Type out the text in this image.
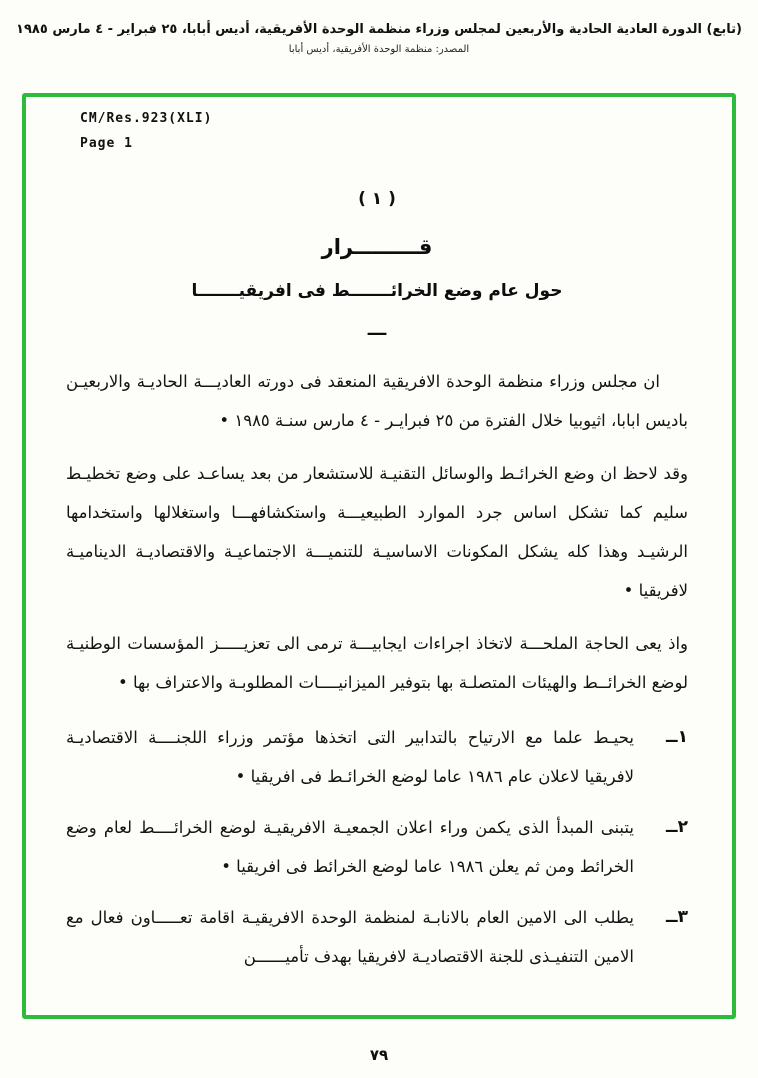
(تابع) الدورة العادية الحادية والأربعين لمجلس وزراء منظمة الوحدة الأفريقية، أديس أبابا، ٢٥ فبراير - ٤ مارس ١٩٨٥
المصدر: منظمة الوحدة الأفريقية، أديس أبابا
CM/Res.923(XLI)
Page 1
( ١ )
قـــــــــرار
حول عام وضع الخرائـــــــط فى افريقيـــــــا
ـــ

ان مجلس وزراء منظمة الوحدة الافريقية المنعقد فى دورته العاديـــة الحاديـة والاربعيـن باديس ابابا، اثيوبيا خلال الفترة من ٢٥ فبرايـر - ٤ مارس سنـة ١٩٨٥ •

وقد لاحظ ان وضع الخرائـط والوسائل التقنيـة للاستشعار من بعد يساعـد على وضع تخطيـط سليم كما تشكل اساس جرد الموارد الطبيعيـــة واستكشافهـــا واستغلالها واستخدامها الرشيـد وهذا كله يشكل المكونات الاساسيـة للتنميـــة الاجتماعيـة والاقتصاديـة الديناميـة لافريقيا •

واذ يعى الحاجة الملحـــة لاتخاذ اجراءات ايجابيـــة ترمى الى تعزيـــــز المؤسسات الوطنيـة لوضع الخرائــط والهيئات المتصلـة بها بتوفير الميزانيــــات المطلوبـة والاعتراف بها •

١ــ
يحيـط علما مع الارتياح بالتدابير التى اتخذها مؤتمر وزراء اللجنــــة الاقتصاديـة لافريقيا لاعلان عام ١٩٨٦ عاما لوضع الخرائـط فى افريقيا •
٢ــ
يتبنى المبدأ الذى يكمن وراء اعلان الجمعيـة الافريقيـة لوضع الخرائــــط لعام وضع الخرائط ومن ثم يعلن ١٩٨٦ عاما لوضع الخرائط فى افريقيا •
٣ــ
يطلب الى الامين العام بالانابـة لمنظمة الوحدة الافريقيـة اقامة تعـــــاون فعال مع الامين التنفيـذى للجنة الاقتصاديـة لافريقيا بهدف تأميــــــن
٧٩
